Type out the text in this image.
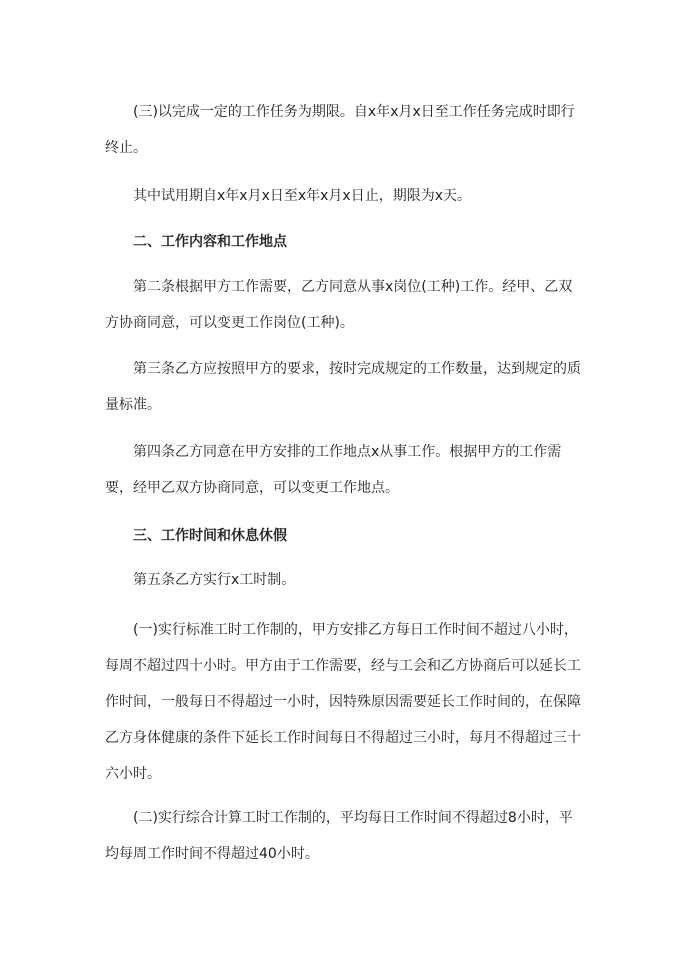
(三)以完成一定的工作任务为期限。自x年x月x日至工作任务完成时即行终止。

其中试用期自x年x月x日至x年x月x日止，期限为x天。

二、工作内容和工作地点

第二条根据甲方工作需要，乙方同意从事x岗位(工种)工作。经甲、乙双方协商同意，可以变更工作岗位(工种)。

第三条乙方应按照甲方的要求，按时完成规定的工作数量，达到规定的质量标准。

第四条乙方同意在甲方安排的工作地点x从事工作。根据甲方的工作需要，经甲乙双方协商同意，可以变更工作地点。

三、工作时间和休息休假

第五条乙方实行x工时制。

(一)实行标准工时工作制的，甲方安排乙方每日工作时间不超过八小时，每周不超过四十小时。甲方由于工作需要，经与工会和乙方协商后可以延长工作时间，一般每日不得超过一小时，因特殊原因需要延长工作时间的，在保障乙方身体健康的条件下延长工作时间每日不得超过三小时，每月不得超过三十六小时。

(二)实行综合计算工时工作制的，平均每日工作时间不得超过8小时，平均每周工作时间不得超过40小时。
